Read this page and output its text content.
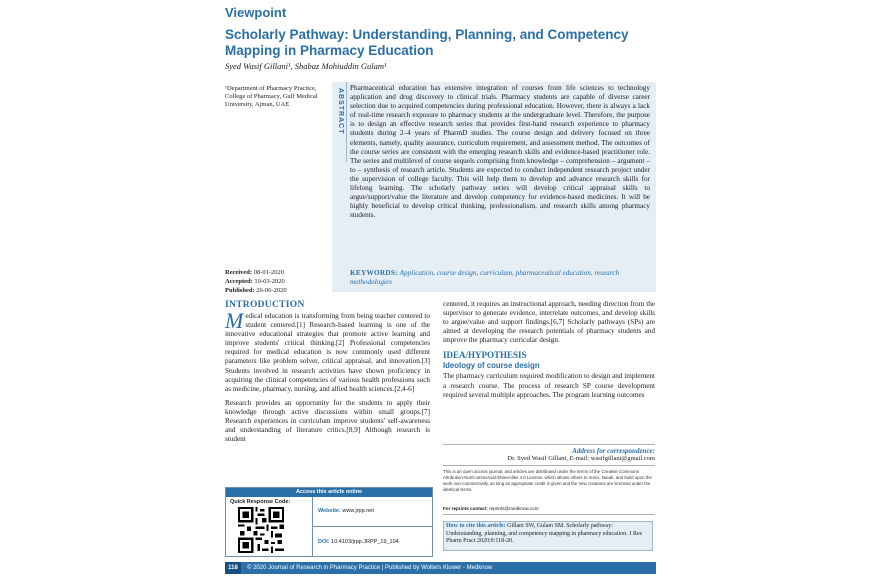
Viewpoint
Scholarly Pathway: Understanding, Planning, and Competency Mapping in Pharmacy Education
Syed Wasif Gillani¹, Shabaz Mohiuddin Gulam¹
¹Department of Pharmacy Practice, College of Pharmacy, Gulf Medical University, Ajman, UAE
Received: 08-01-2020
Accepted: 10-03-2020
Published: 26-06-2020
ABSTRACT Pharmaceutical education has extensive integration of courses from life sciences to technology application and drug discovery to clinical trials. Pharmacy students are capable of diverse career selection due to acquired competencies during professional education. However, there is always a lack of real-time research exposure to pharmacy students at the undergraduate level. Therefore, the purpose is to design an effective research series that provides first-hand research experience to pharmacy students during 2–4 years of PharmD studies. The course design and delivery focused on three elements, namely, quality assurance, curriculum requirement, and assessment method. The outcomes of the course series are consistent with the emerging research skills and evidence-based practitioner role. The series and multilevel of course sequels comprising from knowledge – comprehension – argument – to – synthesis of research article. Students are expected to conduct independent research project under the supervision of college faculty. This will help them to develop and advance research skills for lifelong learning. The scholarly pathway series will develop critical appraisal skills to argue/support/value the literature and develop competency for evidence-based medicines. It will be highly beneficial to develop critical thinking, professionalism, and research skills among pharmacy students.
KEYWORDS: Application, course design, curriculum, pharmaceutical education, research methodologies
INTRODUCTION

Medical education is transforming from being teacher centered to student centered.[1] Research-based learning is one of the innovative educational strategies that promote active learning and improve students' critical thinking.[2] Professional competencies required for medical education is now commonly used different parameters like problem solver, critical appraisal, and innovation.[3] Students involved in research activities have shown proficiency in acquiring the clinical competencies of various health professions such as medicine, pharmacy, nursing, and allied health sciences.[2,4-6]

Research provides an opportunity for the students to apply their knowledge through active discussions within small groups.[7] Research experiences in curriculum improve students' self-awareness and understanding of literature critics.[8,9] Although research is student

centered, it requires an instructional approach, needing direction from the supervisor to generate evidence, interrelate outcomes, and develop skills to argue/value and support findings.[6,7] Scholarly pathways (SPs) are aimed at developing the research potentials of pharmacy students and improve the pharmacy curricular design.

IDEA/HYPOTHESIS
Ideology of course design

The pharmacy curriculum required modification to design and implement a research course. The process of research SP course development required several multiple approaches. The program learning outcomes

Access this article online
Quick Response Code:
Website: www.jrpp.net
DOI: 10.4103/jrpp.JRPP_19_104
Address for correspondence:
Dr. Syed Wasif Gillani, E-mail: wasifgillani@gmail.com
This is an open access journal, and articles are distributed under the terms of the Creative Commons Attribution-NonCommercial-ShareAlike 4.0 License, which allows others to remix, tweak, and build upon the work non-commercially, as long as appropriate credit is given and the new creations are licensed under the identical terms.
For reprints contact: reprints@medknow.com
How to cite this article: Gillani SW, Gulam SM. Scholarly pathway: Understanding, planning, and competency mapping in pharmacy education. J Res Pharm Pract 2020;9:118-20.
118 © 2020 Journal of Research in Pharmacy Practice | Published by Wolters Kluwer - Medknow
